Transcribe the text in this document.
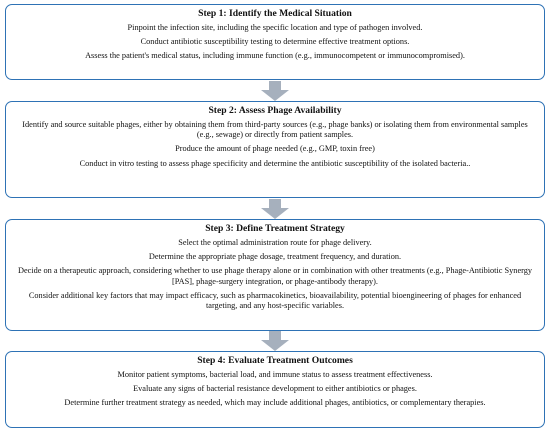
Step 1: Identify the Medical Situation
Pinpoint the infection site, including the specific location and type of pathogen involved.
Conduct antibiotic susceptibility testing to determine effective treatment options.
Assess the patient's medical status, including immune function (e.g., immunocompetent or immunocompromised).
Step 2: Assess Phage Availability
Identify and source suitable phages, either by obtaining them from third-party sources (e.g., phage banks) or isolating them from environmental samples (e.g., sewage) or directly from patient samples.
Produce the amount of phage needed (e.g., GMP, toxin free)
Conduct in vitro testing to assess phage specificity and determine the antibiotic susceptibility of the isolated bacteria..
Step 3: Define Treatment Strategy
Select the optimal administration route for phage delivery.
Determine the appropriate phage dosage, treatment frequency, and duration.
Decide on a therapeutic approach, considering whether to use phage therapy alone or in combination with other treatments (e.g., Phage-Antibiotic Synergy [PAS], phage-surgery integration, or phage-antibody therapy).
Consider additional key factors that may impact efficacy, such as pharmacokinetics, bioavailability, potential bioengineering of phages for enhanced targeting, and any host-specific variables.
Step 4: Evaluate Treatment Outcomes
Monitor patient symptoms, bacterial load, and immune status to assess treatment effectiveness.
Evaluate any signs of bacterial resistance development to either antibiotics or phages.
Determine further treatment strategy as needed, which may include additional phages, antibiotics, or complementary therapies.
